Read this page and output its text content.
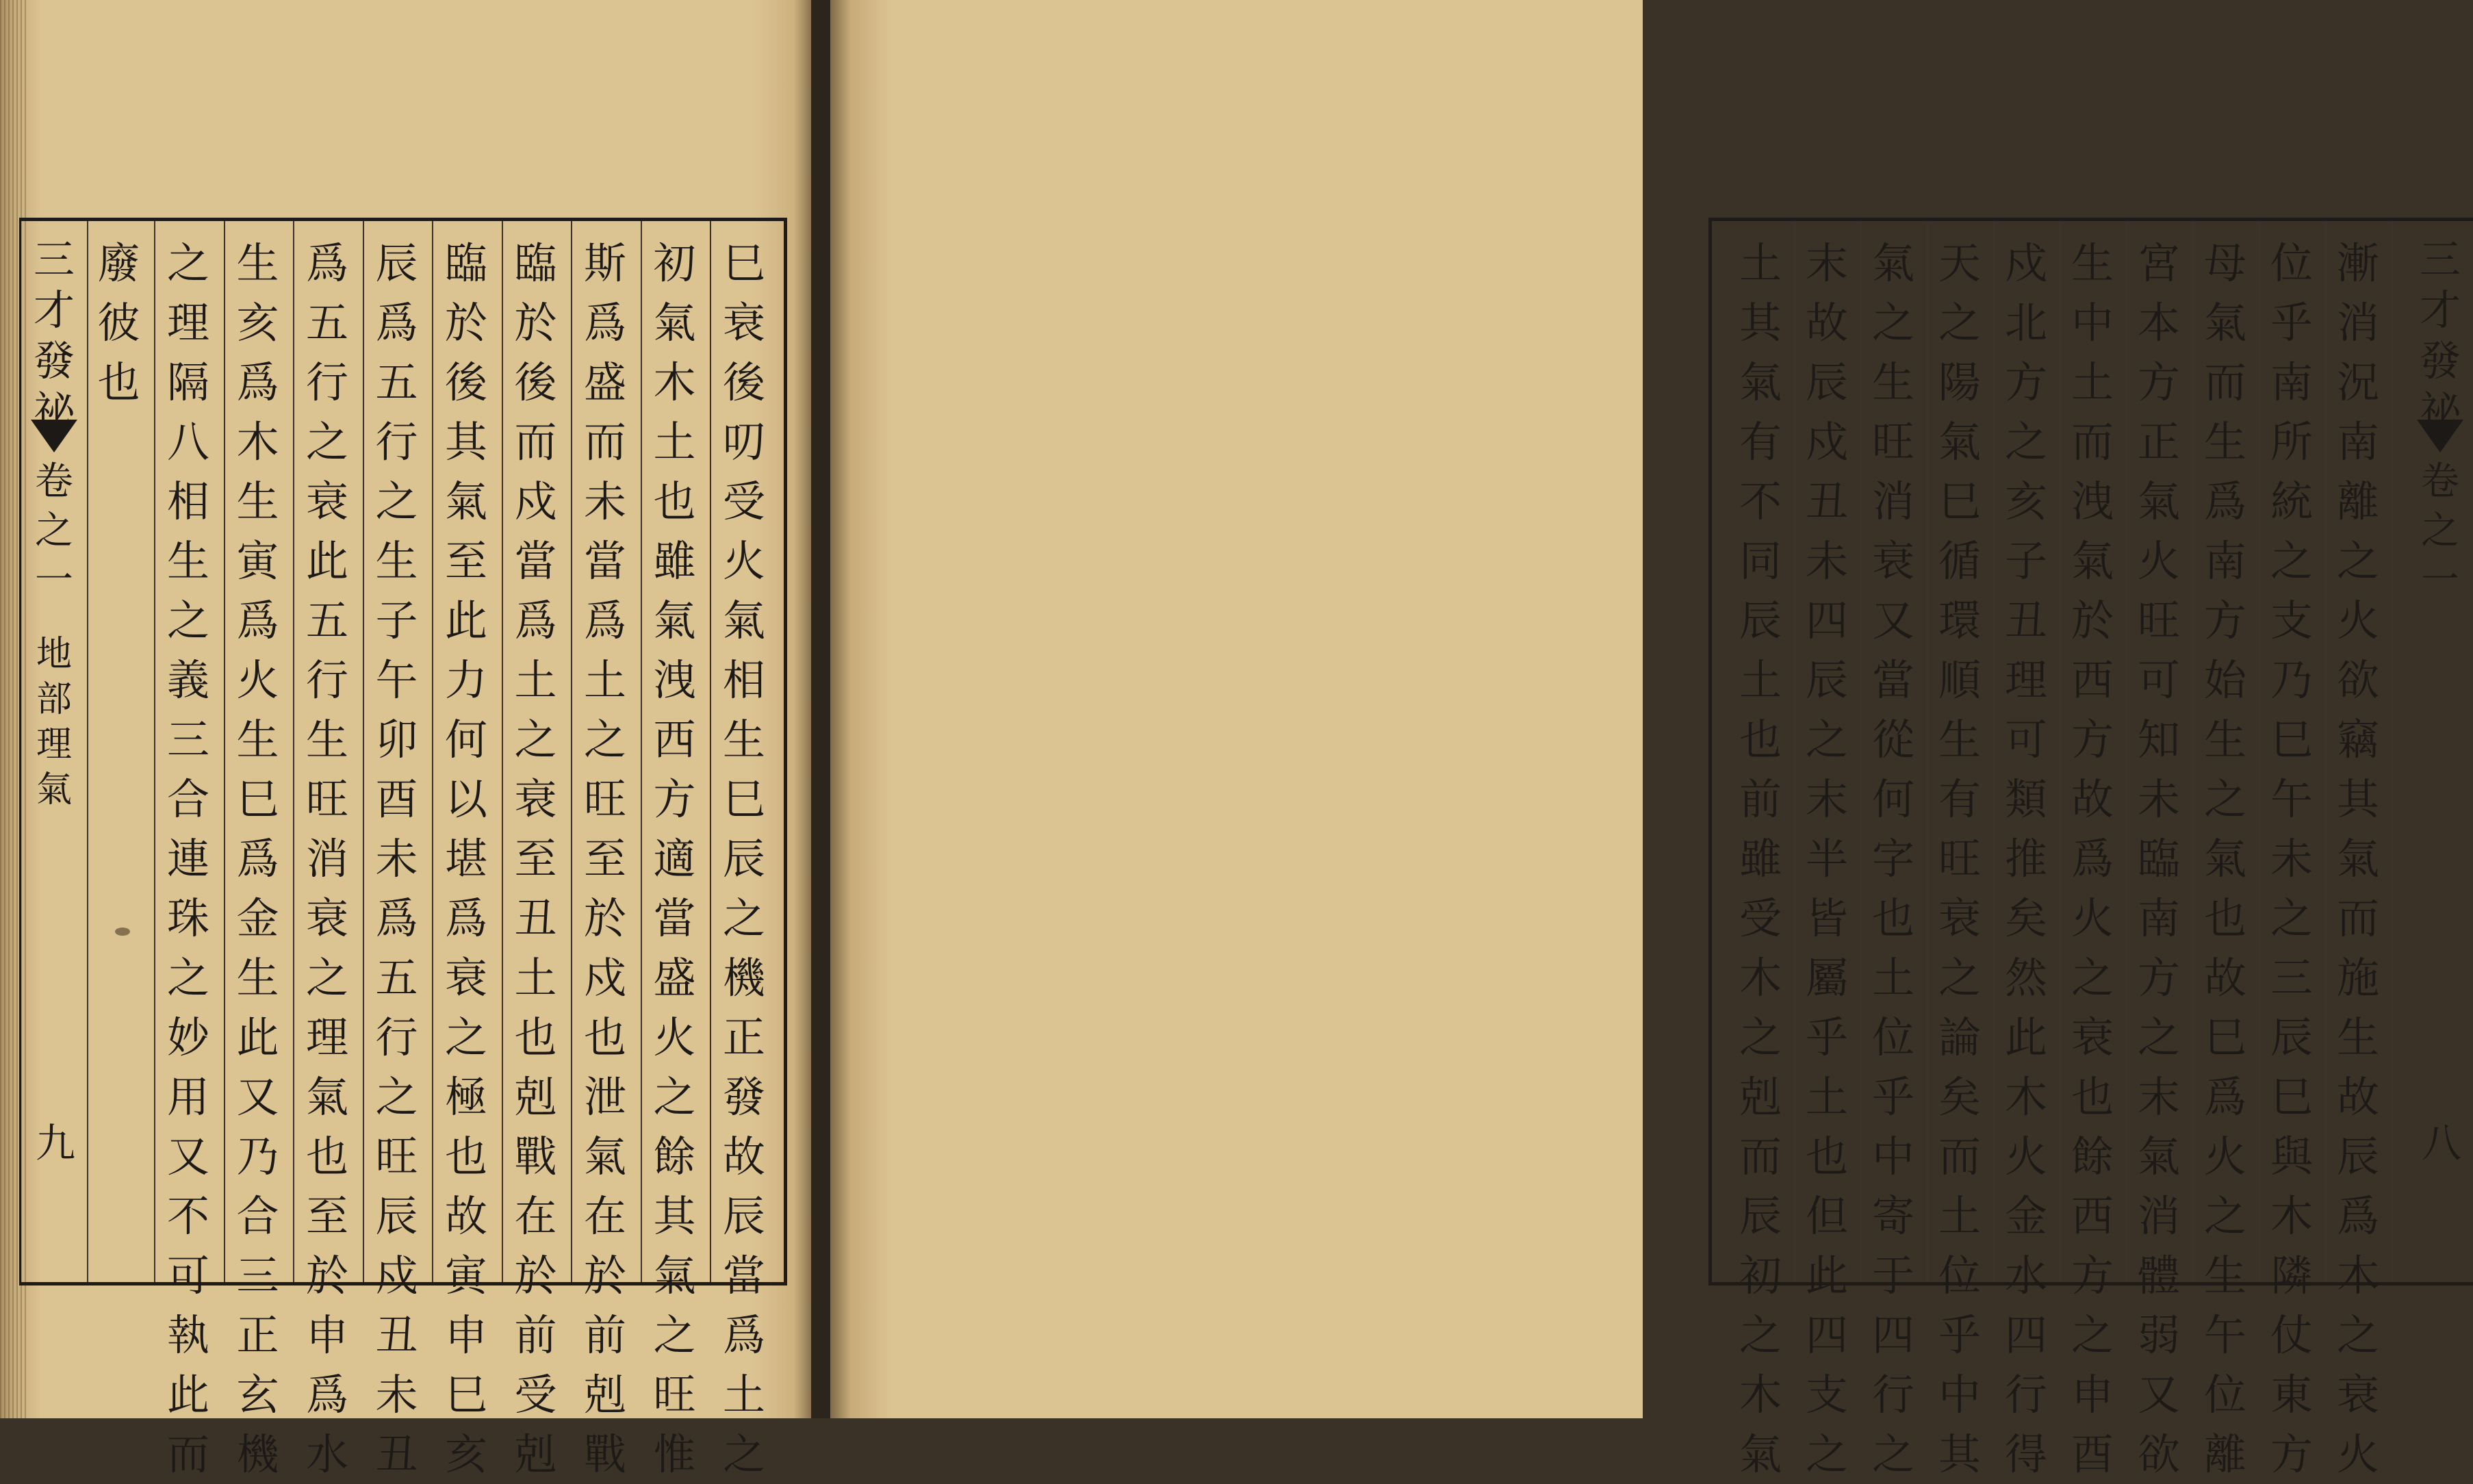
三
才
發
祕
卷
之
一
地
部
理
氣
九
巳
衰
後
叨
受
火
氣
相
生
巳
辰
之
機
正
發
故
辰
當
爲
土
之
初
氣
木
土
也
雖
氣
洩
西
方
適
當
盛
火
之
餘
其
氣
之
旺
惟
斯
爲
盛
而
未
當
爲
土
之
旺
至
於
戍
也
泄
氣
在
於
前
剋
戰
臨
於
後
而
戍
當
爲
土
之
衰
至
丑
土
也
剋
戰
在
於
前
受
剋
臨
於
後
其
氣
至
此
力
何
以
堪
爲
衰
之
極
也
故
寅
申
巳
亥
辰
爲
五
行
之
生
子
午
卯
酉
未
爲
五
行
之
旺
辰
戍
丑
未
丑
爲
五
行
之
衰
此
五
行
生
旺
消
衰
之
理
氣
也
至
於
申
爲
水
生
亥
爲
木
生
寅
爲
火
生
巳
爲
金
生
此
又
乃
合
三
正
玄
機
之
理
隔
八
相
生
之
義
三
合
連
珠
之
妙
用
又
不
可
執
此
而
廢
彼
也
三
才
發
祕
卷
之
一
八
漸
消
況
南
離
之
火
欲
竊
其
氣
而
施
生
故
辰
爲
木
之
衰
火
位
乎
南
所
統
之
支
乃
巳
午
未
之
三
辰
巳
與
木
隣
仗
東
方
母
氣
而
生
爲
南
方
始
生
之
氣
也
故
巳
爲
火
之
生
午
位
離
宮
本
方
正
氣
火
旺
可
知
未
臨
南
方
之
末
氣
消
體
弱
又
欲
生
中
土
而
洩
氣
於
西
方
故
爲
火
之
衰
也
餘
西
方
之
申
酉
戍
北
方
之
亥
子
丑
理
可
類
推
矣
然
此
木
火
金
水
四
行
得
天
之
陽
氣
巳
循
環
順
生
有
旺
衰
之
論
矣
而
土
位
乎
中
其
氣
之
生
旺
消
衰
又
當
從
何
字
也
土
位
乎
中
寄
于
四
行
之
末
故
辰
戍
丑
未
四
辰
之
末
半
皆
屬
乎
土
也
但
此
四
支
之
土
其
氣
有
不
同
辰
土
也
前
雖
受
木
之
剋
而
辰
初
之
木
氣
